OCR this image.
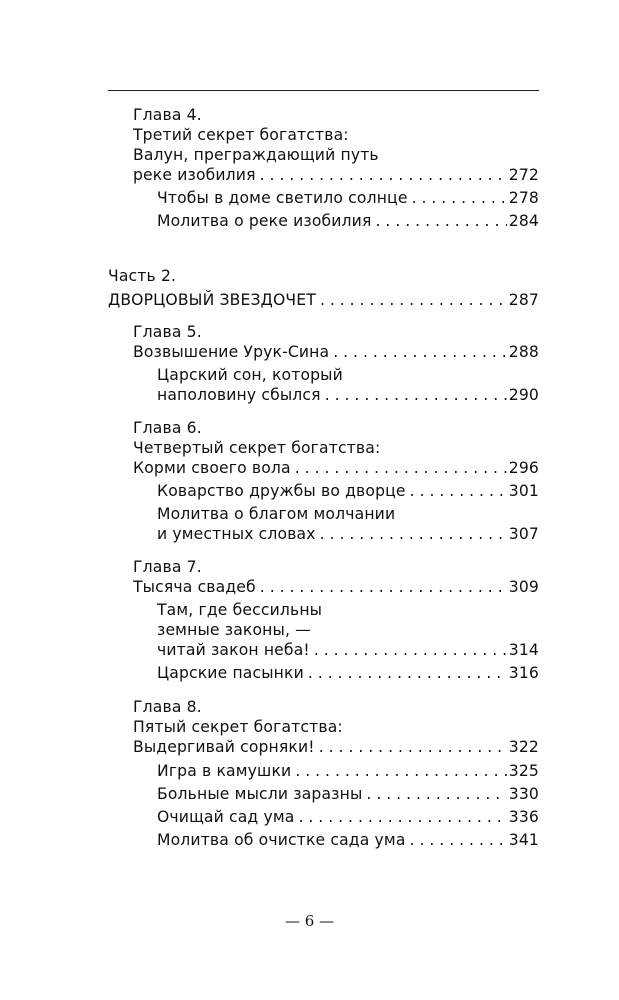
Глава 4.
Третий секрет богатства:
Валун, преграждающий путь
реке изобилия . . .	272
Чтобы в доме светило солнце . . .	278
Молитва о реке изобилия . . .	284
Часть 2.
ДВОРЦОВЫЙ ЗВЕЗДОЧЕТ . . .	287
Глава 5.
Возвышение Урук-Сина . . .	288
Царский сон, который
наполовину сбылся . . .	290
Глава 6.
Четвертый секрет богатства:
Корми своего вола . . .	296
Коварство дружбы во дворце . . .	301
Молитва о благом молчании
и уместных словах . . .	307
Глава 7.
Тысяча свадеб . . .	309
Там, где бессильны
земные законы, —
читай закон неба! . . .	314
Царские пасынки . . .	316
Глава 8.
Пятый секрет богатства:
Выдергивай сорняки! . . .	322
Игра в камушки . . .	325
Больные мысли заразны . . .	330
Очищай сад ума . . .	336
Молитва об очистке сада ума . . .	341
— 6 —
